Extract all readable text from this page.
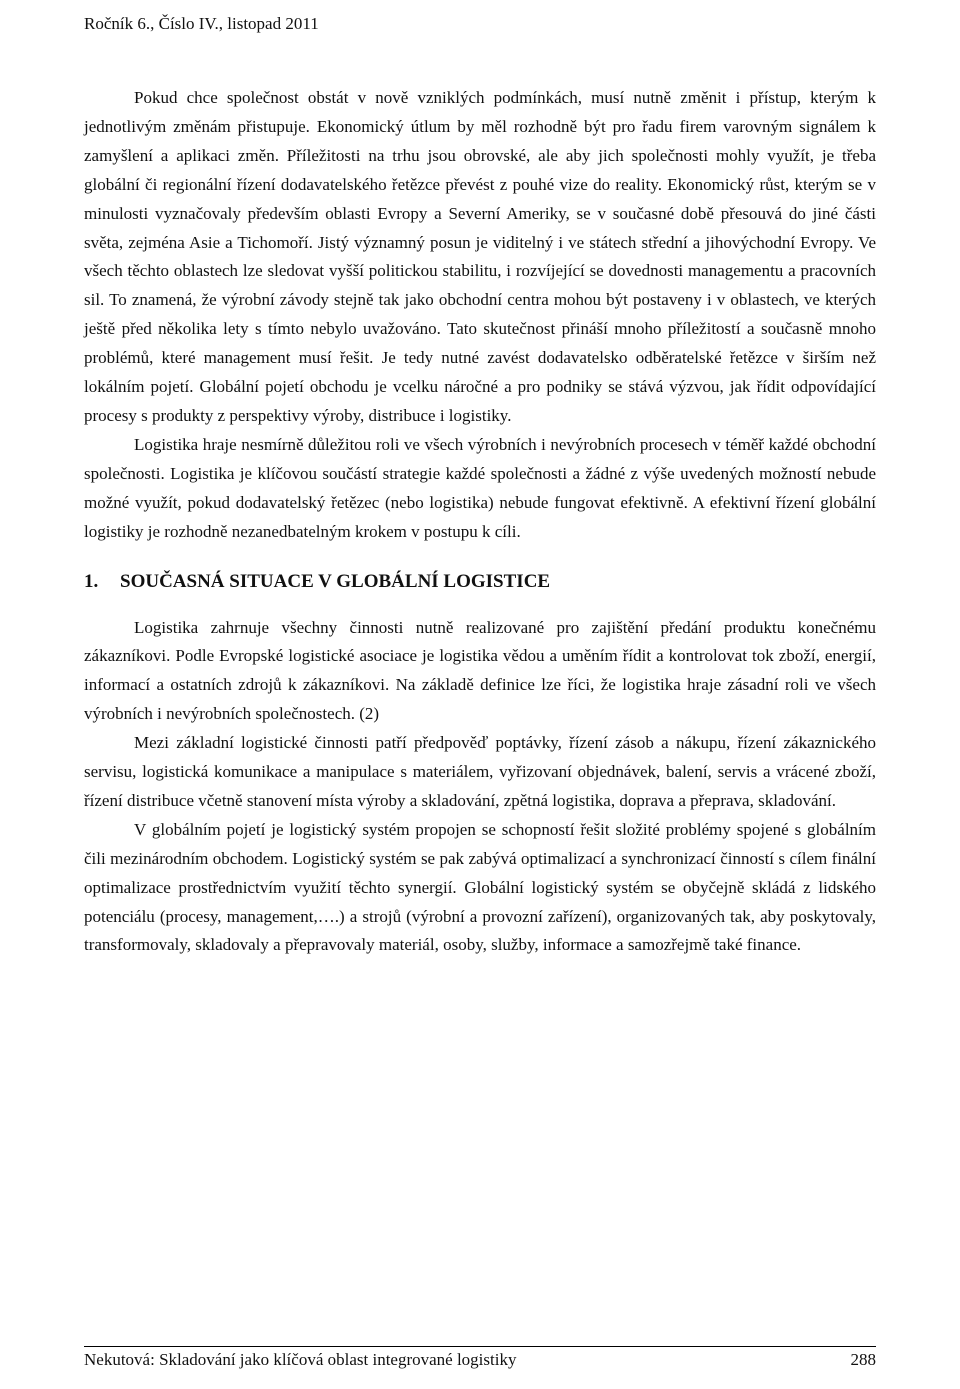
Ročník 6., Číslo IV., listopad 2011

Pokud chce společnost obstát v nově vzniklých podmínkách, musí nutně změnit i přístup, kterým k jednotlivým změnám přistupuje. Ekonomický útlum by měl rozhodně být pro řadu firem varovným signálem k zamyšlení a aplikaci změn. Příležitosti na trhu jsou obrovské, ale aby jich společnosti mohly využít, je třeba globální či regionální řízení dodavatelského řetězce převést z pouhé vize do reality. Ekonomický růst, kterým se v minulosti vyznačovaly především oblasti Evropy a Severní Ameriky, se v současné době přesouvá do jiné části světa, zejména Asie a Tichomoří. Jistý významný posun je viditelný i ve státech střední a jihovýchodní Evropy. Ve všech těchto oblastech lze sledovat vyšší politickou stabilitu, i rozvíjející se dovednosti managementu a pracovních sil. To znamená, že výrobní závody stejně tak jako obchodní centra mohou být postaveny i v oblastech, ve kterých ještě před několika lety s tímto nebylo uvažováno. Tato skutečnost přináší mnoho příležitostí a současně mnoho problémů, které management musí řešit. Je tedy nutné zavést dodavatelsko odběratelské řetězce v širším než lokálním pojetí. Globální pojetí obchodu je vcelku náročné a pro podniky se stává výzvou, jak řídit odpovídající procesy s produkty z perspektivy výroby, distribuce i logistiky.

Logistika hraje nesmírně důležitou roli ve všech výrobních i nevýrobních procesech v téměř každé obchodní společnosti. Logistika je klíčovou součástí strategie každé společnosti a žádné z výše uvedených možností nebude možné využít, pokud dodavatelský řetězec (nebo logistika) nebude fungovat efektivně. A efektivní řízení globální logistiky je rozhodně nezanedbatelným krokem v postupu k cíli.

1.	SOUČASNÁ SITUACE V GLOBÁLNÍ LOGISTICE

Logistika zahrnuje všechny činnosti nutně realizované pro zajištění předání produktu konečnému zákazníkovi. Podle Evropské logistické asociace je logistika vědou a uměním řídit a kontrolovat tok zboží, energií, informací a ostatních zdrojů k zákazníkovi. Na základě definice lze říci, že logistika hraje zásadní roli ve všech výrobních i nevýrobních společnostech. (2)

Mezi základní logistické činnosti patří předpověď poptávky, řízení zásob a nákupu, řízení zákaznického servisu, logistická komunikace a manipulace s materiálem, vyřizovaní objednávek, balení, servis a vrácené zboží, řízení distribuce včetně stanovení místa výroby a skladování, zpětná logistika, doprava a přeprava, skladování.

V globálním pojetí je logistický systém propojen se schopností řešit složité problémy spojené s globálním čili mezinárodním obchodem. Logistický systém se pak zabývá optimalizací a synchronizací činností s cílem finální optimalizace prostřednictvím využití těchto synergií. Globální logistický systém se obyčejně skládá z lidského potenciálu (procesy, management,….) a strojů (výrobní a provozní zařízení), organizovaných tak, aby poskytovaly, transformovaly, skladovaly a přepravovaly materiál, osoby, služby, informace a samozřejmě také finance.

Nekutová: Skladování jako klíčová oblast integrované logistiky	288
